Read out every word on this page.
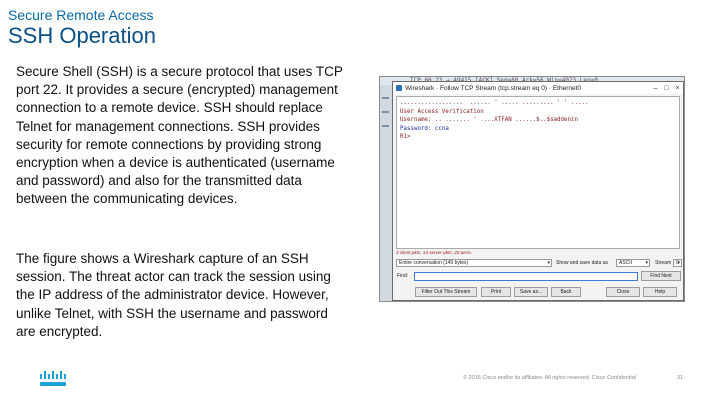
Secure Remote Access
SSH Operation
Secure Shell (SSH) is a secure protocol that uses TCP port 22. It provides a secure (encrypted) management connection to a remote device. SSH should replace Telnet for management connections. SSH provides security for remote connections by providing strong encryption when a device is authenticated (username and password) and also for the transmitted data between the communicating devices.
The figure shows a Wireshark capture of an SSH session. The threat actor can track the session using the IP address of the administrator device. However, unlike Telnet, with SSH the username and password are encrypted.
Wireshark · Follow TCP Stream (tcp.stream eq 0) · Ethernet0	– □ ×
..................  ...... ' ..... ......... ' ' .....
User Access Verification
Username: .. ....... ' ....XTFAN ......$..$saddenin
Password: ccna
R1>
3 client pkts, 14 server pkts, 20 turns.
Entire conversation (149 bytes) ▾	Show and save data as	ASCII ▾	Stream 0 ▾
Find:	Find Next
Filter Out This Stream	Print	Save as...	Back	Close	Help
© 2016 Cisco and/or its affiliates. All rights reserved. Cisco Confidential	31
